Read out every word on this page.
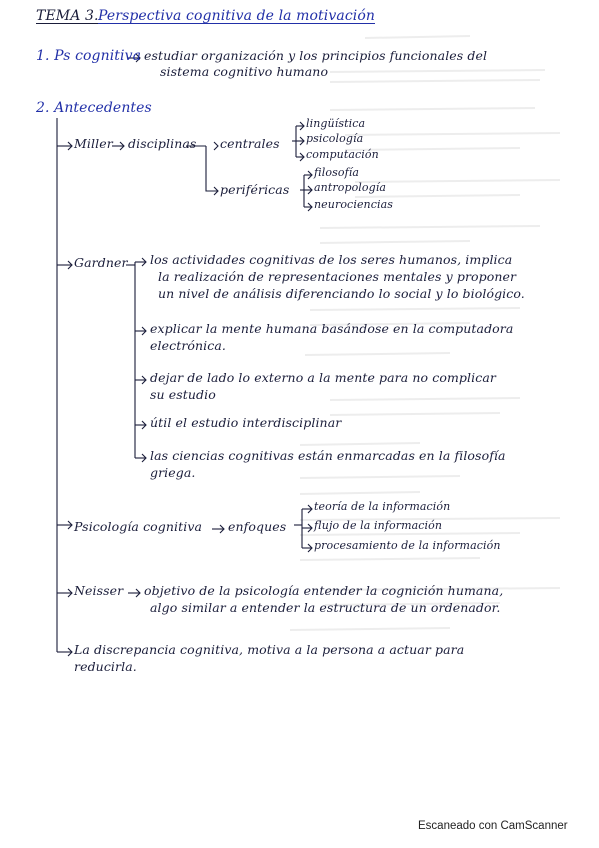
TEMA 3. Perspectiva cognitiva de la motivación
1. Ps cognitiva estudiar organización y los principios funcionales del
sistema cognitivo humano
2. Antecedentes
Miller disciplinas centrales
lingüística
psicología
computación
periféricas
filosofía
antropología
neurociencias
Gardner los actividades cognitivas de los seres humanos, implica
la realización de representaciones mentales y proponer
un nivel de análisis diferenciando lo social y lo biológico.
explicar la mente humana basándose en la computadora
electrónica.
dejar de lado lo externo a la mente para no complicar
su estudio
útil el estudio interdisciplinar
las ciencias cognitivas están enmarcadas en la filosofía
griega.
Psicología cognitiva enfoques
teoría de la información
flujo de la información
procesamiento de la información
Neisser objetivo de la psicología entender la cognición humana,
algo similar a entender la estructura de un ordenador.
La discrepancia cognitiva, motiva a la persona a actuar para
reducirla.
Escaneado con CamScanner
